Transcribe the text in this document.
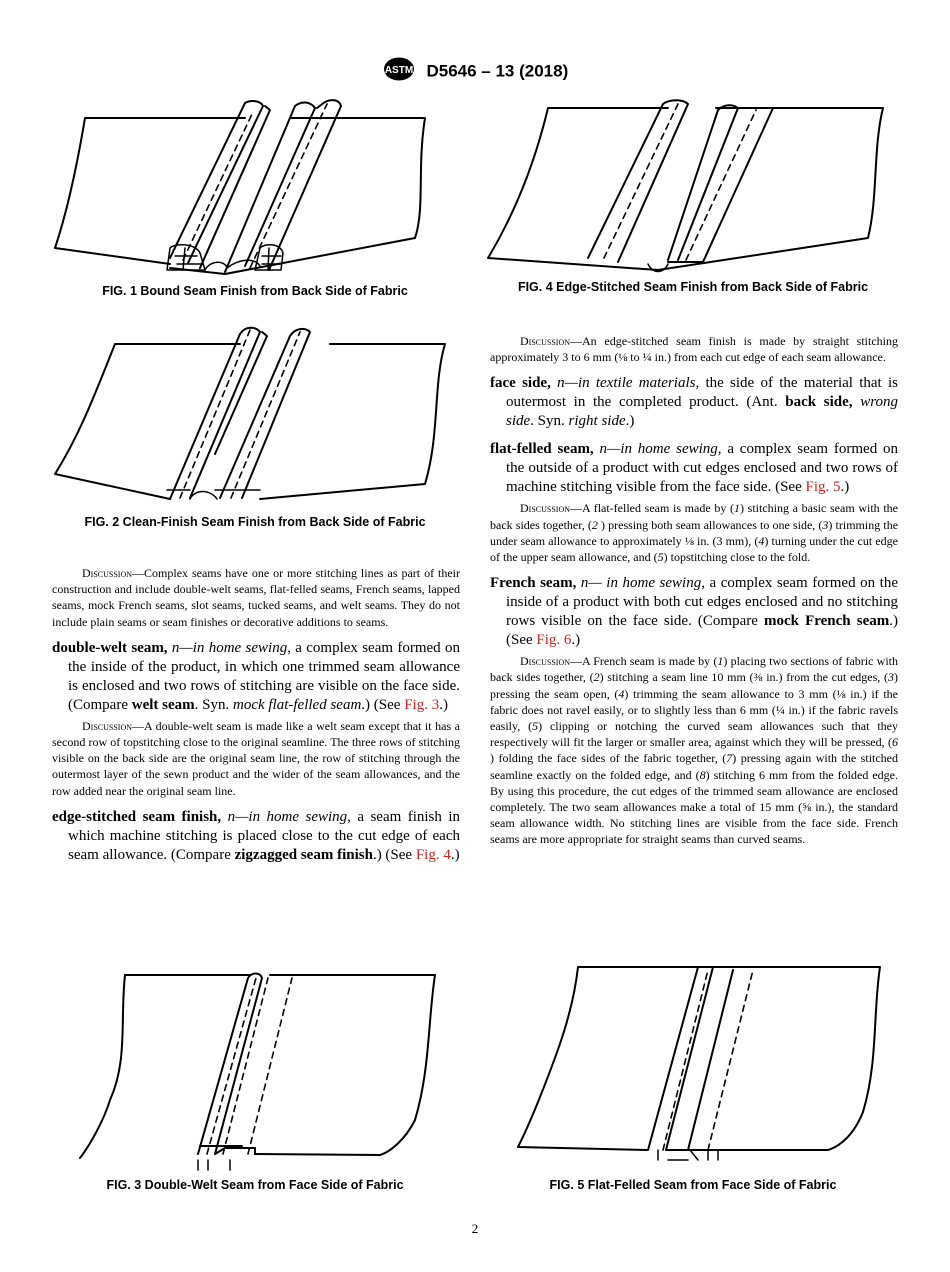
ASTM D5646 – 13 (2018)
FIG. 1 Bound Seam Finish from Back Side of Fabric
FIG. 2 Clean-Finish Seam Finish from Back Side of Fabric
FIG. 4 Edge-Stitched Seam Finish from Back Side of Fabric
FIG. 3 Double-Welt Seam from Face Side of Fabric	FIG. 5 Flat-Felled Seam from Face Side of Fabric
Discussion—Complex seams have one or more stitching lines as part of their construction and include double-welt seams, flat-felled seams, French seams, lapped seams, mock French seams, slot seams, tucked seams, and welt seams. They do not include plain seams or seam finishes or decorative additions to seams.
double-welt seam, n—in home sewing, a complex seam formed on the inside of the product, in which one trimmed seam allowance is enclosed and two rows of stitching are visible on the face side. (Compare welt seam. Syn. mock flat-felled seam.) (See Fig. 3.)
Discussion—A double-welt seam is made like a welt seam except that it has a second row of topstitching close to the original seamline. The three rows of stitching visible on the back side are the original seam line, the row of stitching through the outermost layer of the sewn product and the wider of the seam allowances, and the row added near the original seam line.
edge-stitched seam finish, n—in home sewing, a seam finish in which machine stitching is placed close to the cut edge of each seam allowance. (Compare zigzagged seam finish.) (See Fig. 4.)
Discussion—An edge-stitched seam finish is made by straight stitching approximately 3 to 6 mm (⅛ to ¼ in.) from each cut edge of each seam allowance.
face side, n—in textile materials, the side of the material that is outermost in the completed product. (Ant. back side, wrong side. Syn. right side.)
flat-felled seam, n—in home sewing, a complex seam formed on the outside of a product with cut edges enclosed and two rows of machine stitching visible from the face side. (See Fig. 5.)
Discussion—A flat-felled seam is made by (1) stitching a basic seam with the back sides together, (2 ) pressing both seam allowances to one side, (3) trimming the under seam allowance to approximately ⅛ in. (3 mm), (4) turning under the cut edge of the upper seam allowance, and (5) topstitching close to the fold.
French seam, n— in home sewing, a complex seam formed on the inside of a product with both cut edges enclosed and no stitching rows visible on the face side. (Compare mock French seam.) (See Fig. 6.)
Discussion—A French seam is made by (1) placing two sections of fabric with back sides together, (2) stitching a seam line 10 mm (⅜ in.) from the cut edges, (3) pressing the seam open, (4) trimming the seam allowance to 3 mm (⅛ in.) if the fabric does not ravel easily, or to slightly less than 6 mm (¼ in.) if the fabric ravels easily, (5) clipping or notching the curved seam allowances such that they respectively will fit the larger or smaller area, against which they will be pressed, (6 ) folding the face sides of the fabric together, (7) pressing again with the stitched seamline exactly on the folded edge, and (8) stitching 6 mm from the folded edge. By using this procedure, the cut edges of the trimmed seam allowance are enclosed completely. The two seam allowances make a total of 15 mm (⅝ in.), the standard seam allowance width. No stitching lines are visible from the face side. French seams are more appropriate for straight seams than curved seams.
2
